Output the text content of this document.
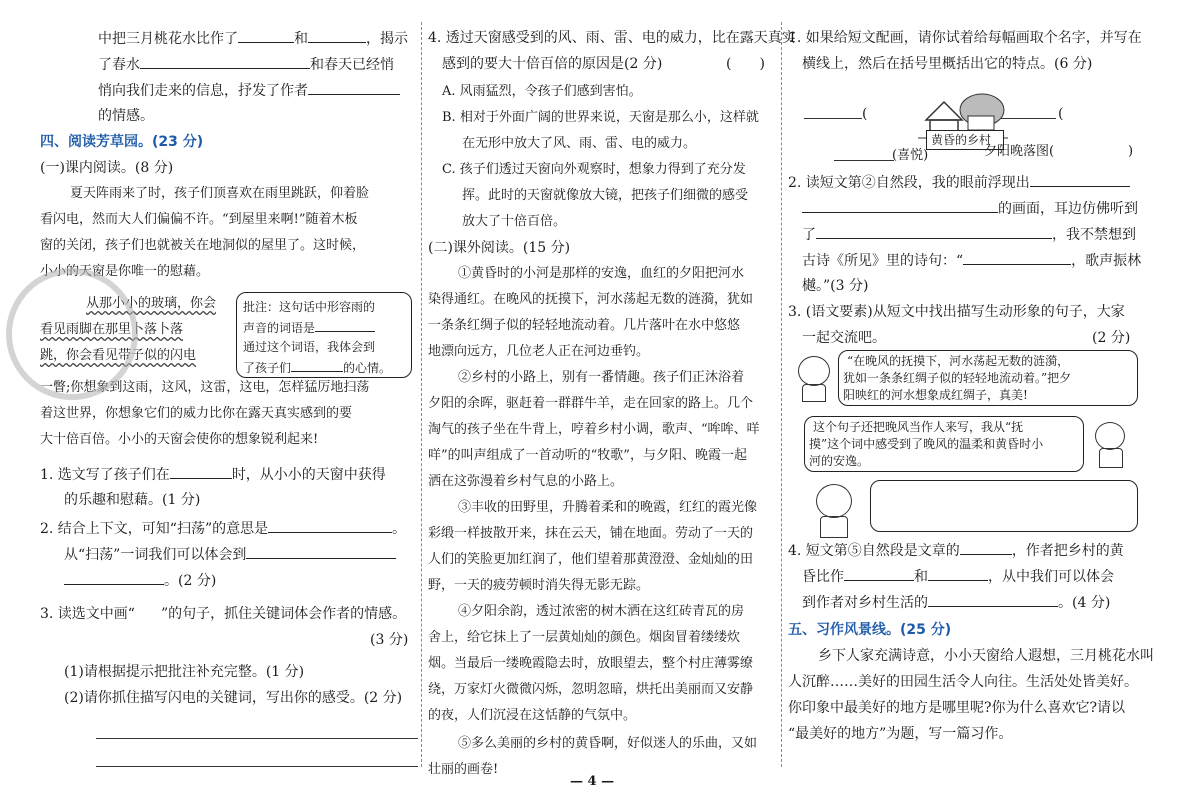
中把三月桃花水比作了	和	，揭示
了春水	和春天已经悄
悄向我们走来的信息，抒发了作者
的情感。
四、阅读芳草园。(23 分)
(一)课内阅读。(8 分)
夏天阵雨来了时，孩子们顶喜欢在雨里跳跃，仰着脸
看闪电，然而大人们偏偏不许。“到屋里来啊!”随着木板
窗的关闭，孩子们也就被关在地洞似的屋里了。这时候，
小小的天窗是你唯一的慰藉。
从那小小的玻璃，你会
看见雨脚在那里卜落卜落
跳，你会看见带子似的闪电
一瞥;你想象到这雨，这风，这雷，这电，怎样猛厉地扫荡
着这世界，你想象它们的威力比你在露天真实感到的要
大十倍百倍。小小的天窗会使你的想象锐利起来!
批注：这句话中形容雨的
声音的词语是
通过这个词语，我体会到
了孩子们	的心情。
1. 选文写了孩子们在	时，从小小的天窗中获得
的乐趣和慰藉。(1 分)
2. 结合上下文，可知“扫荡”的意思是	。
从“扫荡”一词我们可以体会到
。(2 分)
3. 读选文中画“ ”的句子，抓住关键词体会作者的情感。
(3 分)
(1)请根据提示把批注补充完整。(1 分)
(2)请你抓住描写闪电的关键词，写出你的感受。(2 分)
4. 透过天窗感受到的风、雨、雷、电的威力，比在露天真实
感到的要大十倍百倍的原因是(2 分)	(　　)
A. 风雨猛烈，令孩子们感到害怕。
B. 相对于外面广阔的世界来说，天窗是那么小，这样就
在无形中放大了风、雨、雷、电的威力。
C. 孩子们透过天窗向外观察时，想象力得到了充分发
挥。此时的天窗就像放大镜，把孩子们细微的感受
放大了十倍百倍。
(二)课外阅读。(15 分)
①黄昏时的小河是那样的安逸，血红的夕阳把河水
染得通红。在晚风的抚摸下，河水荡起无数的涟漪，犹如
一条条红绸子似的轻轻地流动着。几片落叶在水中悠悠
地漂向远方，几位老人正在河边垂钓。
②乡村的小路上，别有一番情趣。孩子们正沐浴着
夕阳的余晖，驱赶着一群群牛羊，走在回家的路上。几个
淘气的孩子坐在牛背上，哼着乡村小调，歌声、“哞哞、咩
咩”的叫声组成了一首动听的“牧歌”，与夕阳、晚霞一起
洒在这弥漫着乡村气息的小路上。
③丰收的田野里，升腾着柔和的晚霞，红红的霞光像
彩缎一样披散开来，抹在云天，铺在地面。劳动了一天的
人们的笑脸更加红润了，他们望着那黄澄澄、金灿灿的田
野，一天的疲劳顿时消失得无影无踪。
④夕阳余韵，透过浓密的树木洒在这红砖青瓦的房
舍上，给它抹上了一层黄灿灿的颜色。烟囱冒着缕缕炊
烟。当最后一缕晚霞隐去时，放眼望去，整个村庄薄雾缭
绕，万家灯火微微闪烁，忽明忽暗，烘托出美丽而又安静
的夜，人们沉浸在这恬静的气氛中。
⑤多么美丽的乡村的黄昏啊，好似迷人的乐曲，又如
壮丽的画卷!
1. 如果给短文配画，请你试着给每幅画取个名字，并写在
横线上，然后在括号里概括出它的特点。(6 分)
(	(
黄昏的乡村
(喜悦)	夕阳晚落图(	)
2. 读短文第②自然段，我的眼前浮现出
的画面，耳边仿佛听到
了	，我不禁想到
古诗《所见》里的诗句：“	，歌声振林
樾。”(3 分)
3. (语文要素)从短文中找出描写生动形象的句子，大家
一起交流吧。	(2 分)
“在晚风的抚摸下，河水荡起无数的涟漪，
犹如一条条红绸子似的轻轻地流动着。”把夕
阳映红的河水想象成红绸子，真美!
这个句子还把晚风当作人来写，我从“抚
摸”这个词中感受到了晚风的温柔和黄昏时小
河的安逸。
4. 短文第⑤自然段是文章的	，作者把乡村的黄
昏比作	和	，从中我们可以体会
到作者对乡村生活的	。(4 分)
五、习作风景线。(25 分)
乡下人家充满诗意，小小天窗给人遐想，三月桃花水叫
人沉醉……美好的田园生活令人向往。生活处处皆美好。
你印象中最美好的地方是哪里呢?你为什么喜欢它?请以
“最美好的地方”为题，写一篇习作。
— 4 —
